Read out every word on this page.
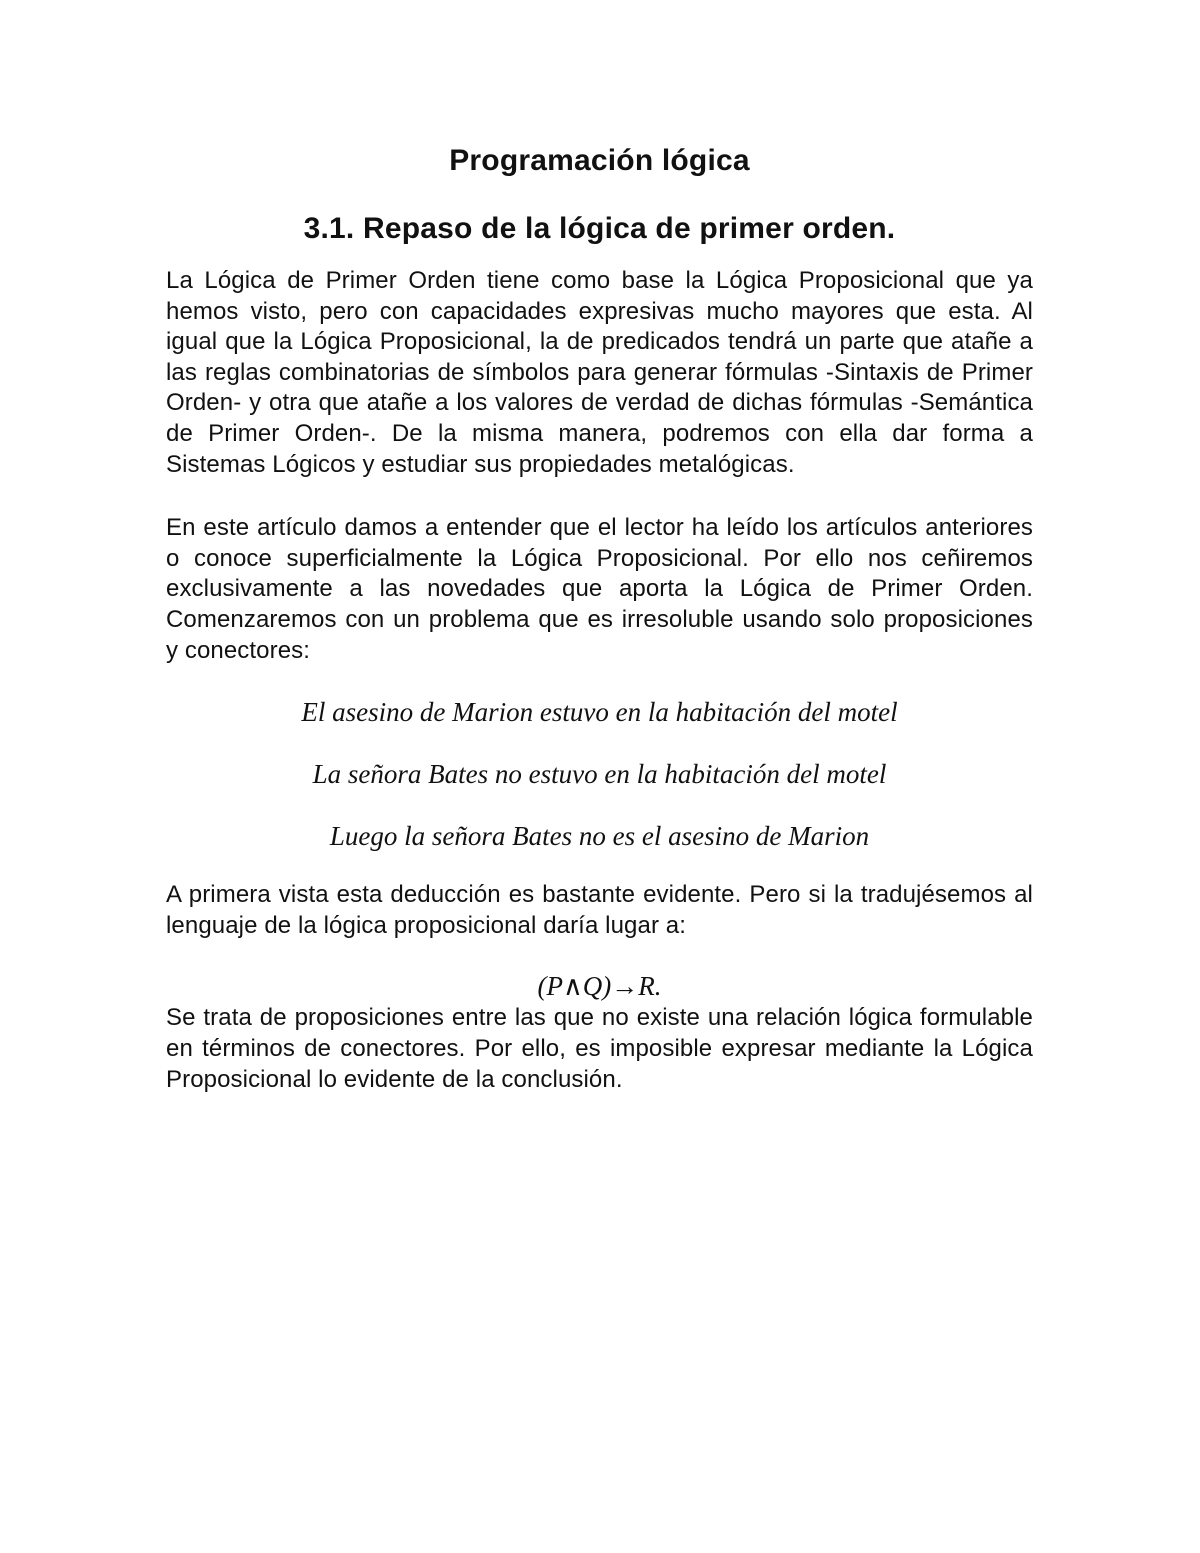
Programación lógica
3.1. Repaso de la lógica de primer orden.

La Lógica de Primer Orden tiene como base la Lógica Proposicional que ya hemos visto, pero con capacidades expresivas mucho mayores que esta. Al igual que la Lógica Proposicional, la de predicados tendrá un parte que atañe a las reglas combinatorias de símbolos para generar fórmulas -Sintaxis de Primer Orden- y otra que atañe a los valores de verdad de dichas fórmulas -Semántica de Primer Orden-. De la misma manera, podremos con ella dar forma a Sistemas Lógicos y estudiar sus propiedades metalógicas.

En este artículo damos a entender que el lector ha leído los artículos anteriores o conoce superficialmente la Lógica Proposicional. Por ello nos ceñiremos exclusivamente a las novedades que aporta la Lógica de Primer Orden. Comenzaremos con un problema que es irresoluble usando solo proposiciones y conectores:

El asesino de Marion estuvo en la habitación del motel

La señora Bates no estuvo en la habitación del motel

Luego la señora Bates no es el asesino de Marion

A primera vista esta deducción es bastante evidente. Pero si la tradujésemos al lenguaje de la lógica proposicional daría lugar a:

(P∧Q)→R.

Se trata de proposiciones entre las que no existe una relación lógica formulable en términos de conectores. Por ello, es imposible expresar mediante la Lógica Proposicional lo evidente de la conclusión.
